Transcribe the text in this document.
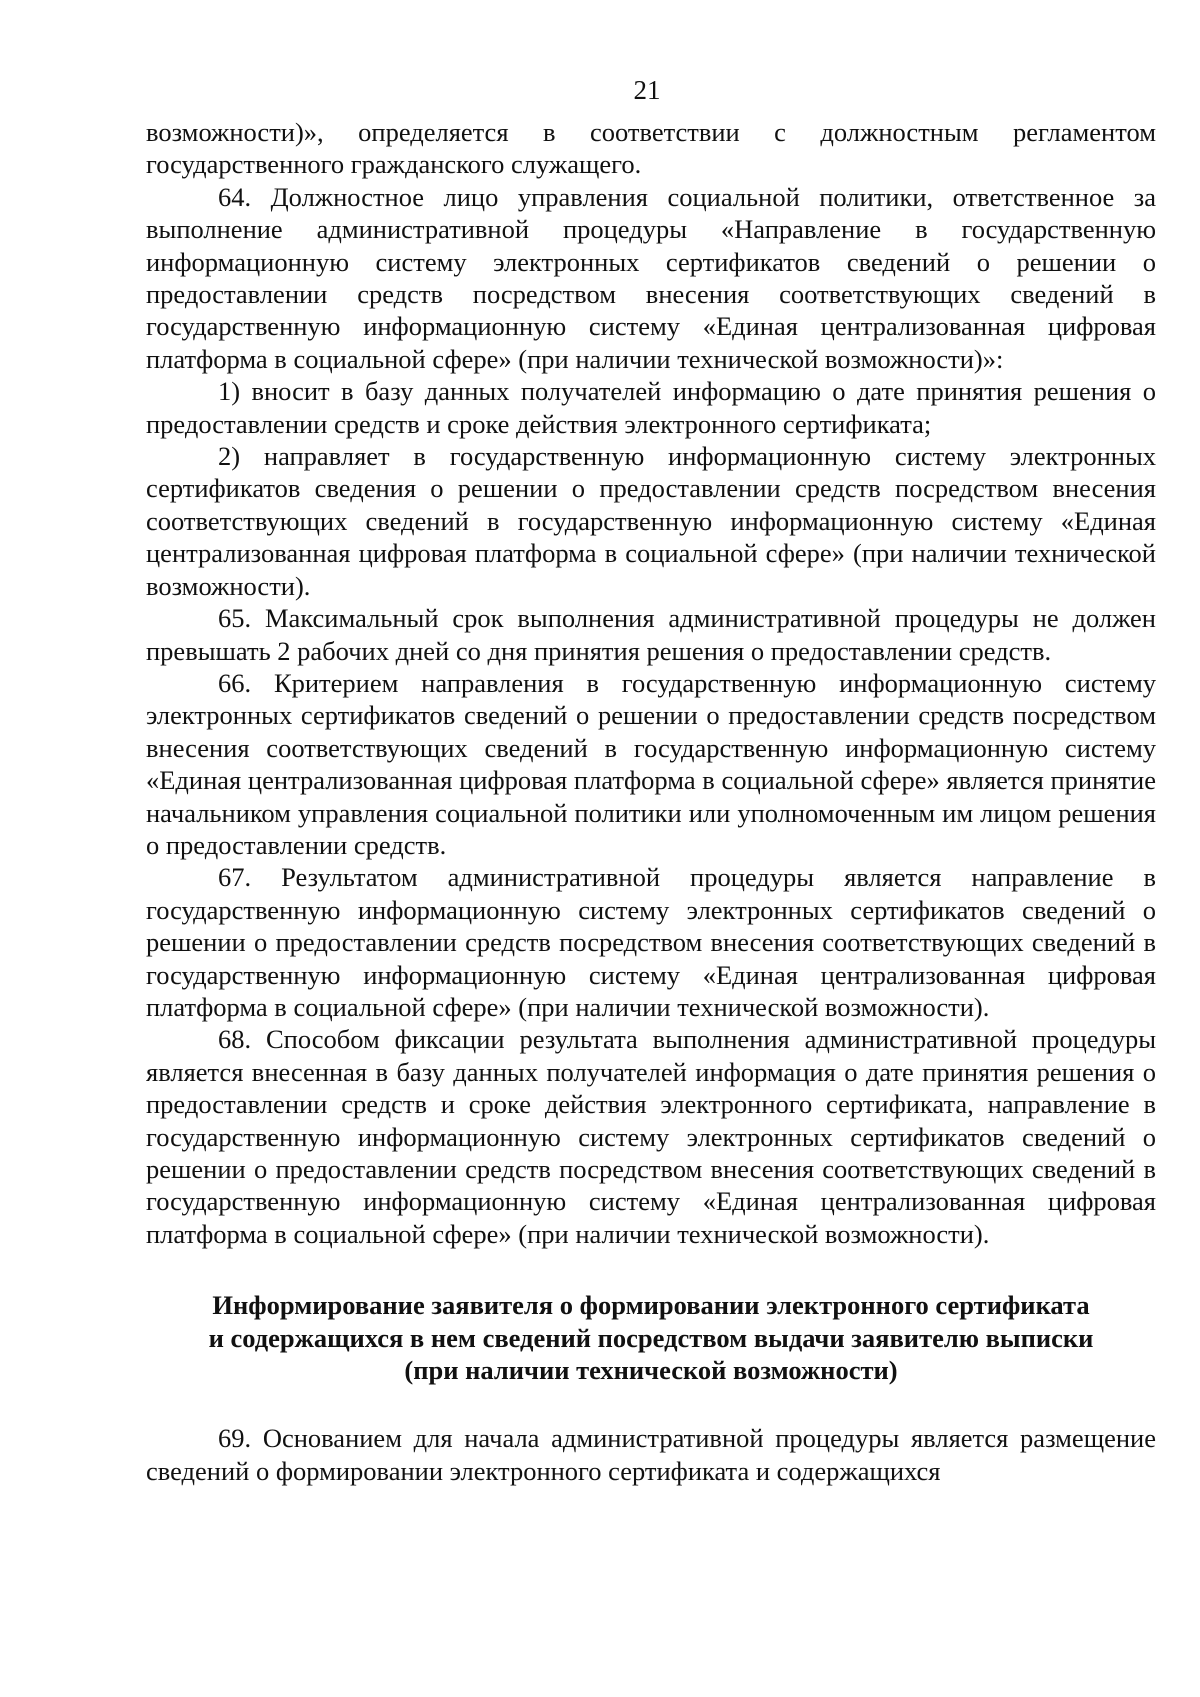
21

возможности)», определяется в соответствии с должностным регламентом государственного гражданского служащего.

64. Должностное лицо управления социальной политики, ответственное за выполнение административной процедуры «Направление в государственную информационную систему электронных сертификатов сведений о решении о предоставлении средств посредством внесения соответствующих сведений в государственную информационную систему «Единая централизованная цифровая платформа в социальной сфере» (при наличии технической возможности)»:

1) вносит в базу данных получателей информацию о дате принятия решения о предоставлении средств и сроке действия электронного сертификата;

2) направляет в государственную информационную систему электронных сертификатов сведения о решении о предоставлении средств посредством внесения соответствующих сведений в государственную информационную систему «Единая централизованная цифровая платформа в социальной сфере» (при наличии технической возможности).

65. Максимальный срок выполнения административной процедуры не должен превышать 2 рабочих дней со дня принятия решения о предоставлении средств.

66. Критерием направления в государственную информационную систему электронных сертификатов сведений о решении о предоставлении средств посредством внесения соответствующих сведений в государственную информационную систему «Единая централизованная цифровая платформа в социальной сфере» является принятие начальником управления социальной политики или уполномоченным им лицом решения о предоставлении средств.

67. Результатом административной процедуры является направление в государственную информационную систему электронных сертификатов сведений о решении о предоставлении средств посредством внесения соответствующих сведений в государственную информационную систему «Единая централизованная цифровая платформа в социальной сфере» (при наличии технической возможности).

68. Способом фиксации результата выполнения административной процедуры является внесенная в базу данных получателей информация о дате принятия решения о предоставлении средств и сроке действия электронного сертификата, направление в государственную информационную систему электронных сертификатов сведений о решении о предоставлении средств посредством внесения соответствующих сведений в государственную информационную систему «Единая централизованная цифровая платформа в социальной сфере» (при наличии технической возможности).

Информирование заявителя о формировании электронного сертификата
и содержащихся в нем сведений посредством выдачи заявителю выписки
(при наличии технической возможности)

69. Основанием для начала административной процедуры является размещение сведений о формировании электронного сертификата и содержащихся
